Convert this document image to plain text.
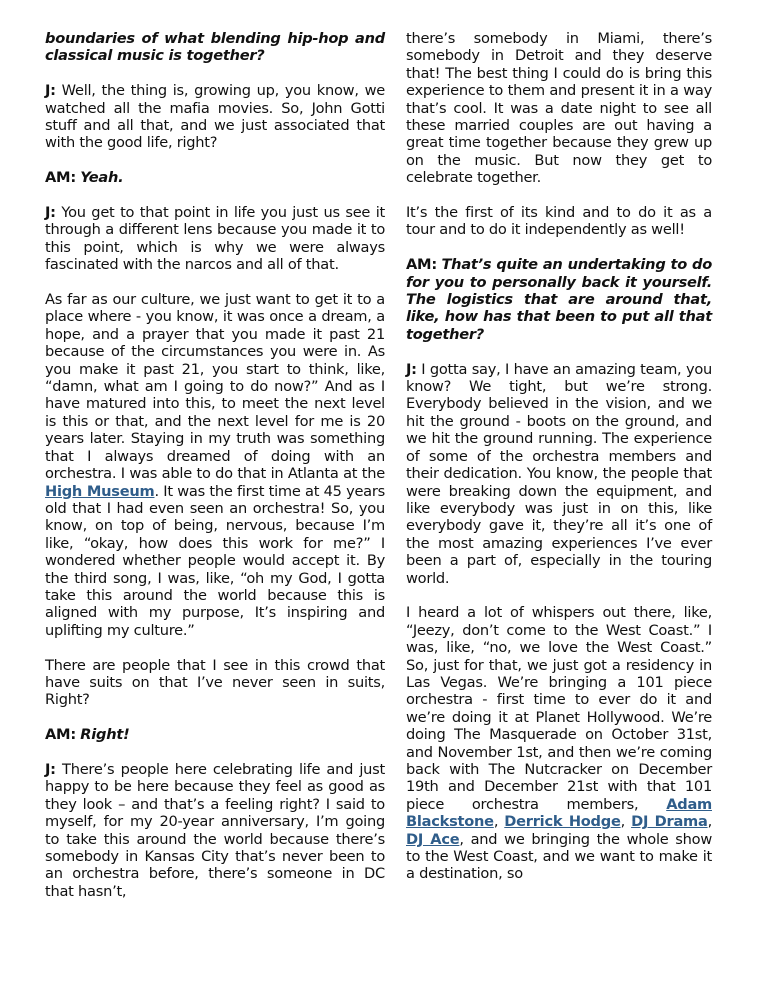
boundaries of what blending hip-hop and classical music is together?

J: Well, the thing is, growing up, you know, we watched all the mafia movies. So, John Gotti stuff and all that, and we just associated that with the good life, right?

AM: Yeah.

J: You get to that point in life you just us see it through a different lens because you made it to this point, which is why we were always fascinated with the narcos and all of that.

As far as our culture, we just want to get it to a place where - you know, it was once a dream, a hope, and a prayer that you made it past 21 because of the circumstances you were in. As you make it past 21, you start to think, like, “damn, what am I going to do now?” And as I have matured into this, to meet the next level is this or that, and the next level for me is 20 years later. Staying in my truth was something that I always dreamed of doing with an orchestra. I was able to do that in Atlanta at the High Museum. It was the first time at 45 years old that I had even seen an orchestra! So, you know, on top of being, nervous, because I’m like, “okay, how does this work for me?” I wondered whether people would accept it. By the third song, I was, like, “oh my God, I gotta take this around the world because this is aligned with my purpose, It’s inspiring and uplifting my culture.”

There are people that I see in this crowd that have suits on that I’ve never seen in suits, Right?

AM: Right!

J: There’s people here celebrating life and just happy to be here because they feel as good as they look – and that’s a feeling right? I said to myself, for my 20-year anniversary, I’m going to take this around the world because there’s somebody in Kansas City that’s never been to an orchestra before, there’s someone in DC that hasn’t,

there’s somebody in Miami, there’s somebody in Detroit and they deserve that! The best thing I could do is bring this experience to them and present it in a way that’s cool. It was a date night to see all these married couples are out having a great time together because they grew up on the music. But now they get to celebrate together.

It’s the first of its kind and to do it as a tour and to do it independently as well!

AM: That’s quite an undertaking to do for you to personally back it yourself. The logistics that are around that, like, how has that been to put all that together?

J: I gotta say, I have an amazing team, you know? We tight, but we’re strong. Everybody believed in the vision, and we hit the ground - boots on the ground, and we hit the ground running. The experience of some of the orchestra members and their dedication. You know, the people that were breaking down the equipment, and like everybody was just in on this, like everybody gave it, they’re all it’s one of the most amazing experiences I’ve ever been a part of, especially in the touring world.

I heard a lot of whispers out there, like, “Jeezy, don’t come to the West Coast.” I was, like, “no, we love the West Coast.” So, just for that, we just got a residency in Las Vegas. We’re bringing a 101 piece orchestra - first time to ever do it and we’re doing it at Planet Hollywood. We’re doing The Masquerade on October 31st, and November 1st, and then we’re coming back with The Nutcracker on December 19th and December 21st with that 101 piece orchestra members, Adam Blackstone, Derrick Hodge, DJ Drama, DJ Ace, and we bringing the whole show to the West Coast, and we want to make it a destination, so
